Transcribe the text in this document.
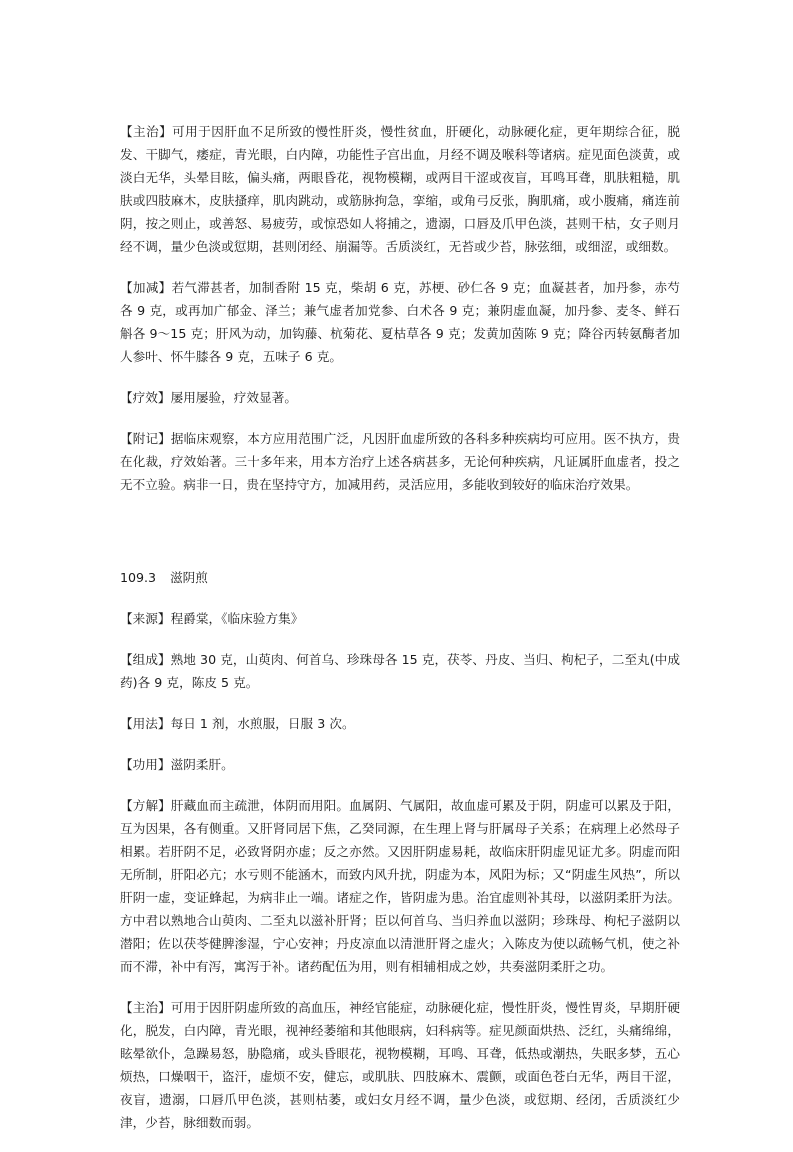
【主治】可用于因肝血不足所致的慢性肝炎，慢性贫血，肝硬化，动脉硬化症，更年期综合征，脱发、干脚气，痿症，青光眼，白内障，功能性子宫出血，月经不调及喉科等诸病。症见面色淡黄，或淡白无华，头晕目眩，偏头痛，两眼昏花，视物模糊，或两目干涩或夜盲，耳鸣耳聋，肌肤粗糙，肌肤或四肢麻木，皮肤搔痒，肌肉跳动，或筋脉拘急，挛缩，或角弓反张，胸肌痛，或小腹痛，痛连前阴，按之则止，或善怒、易疲劳，或惊恐如人将捕之，遗溺，口唇及爪甲色淡，甚则干枯，女子则月经不调，量少色淡或愆期，甚则闭经、崩漏等。舌质淡红，无苔或少苔，脉弦细，或细涩，或细数。

【加减】若气滞甚者，加制香附 15 克，柴胡 6 克，苏梗、砂仁各 9 克；血凝甚者，加丹参，赤芍各 9 克，或再加广郁金、泽兰；兼气虚者加党参、白术各 9 克；兼阴虚血凝，加丹参、麦冬、鲜石斛各 9～15 克；肝风为动，加钩藤、杭菊花、夏枯草各 9 克；发黄加茵陈 9 克；降谷丙转氨酶者加人参叶、怀牛膝各 9 克，五味子 6 克。

【疗效】屡用屡验，疗效显著。

【附记】据临床观察，本方应用范围广泛，凡因肝血虚所致的各科多种疾病均可应用。医不执方，贵在化裁，疗效始著。三十多年来，用本方治疗上述各病甚多，无论何种疾病，凡证属肝血虚者，投之无不立验。病非一日，贵在坚持守方，加减用药，灵活应用，多能收到较好的临床治疗效果。

109.3 滋阴煎

【来源】程爵棠，《临床验方集》

【组成】熟地 30 克，山萸肉、何首乌、珍珠母各 15 克，茯苓、丹皮、当归、枸杞子，二至丸(中成药)各 9 克，陈皮 5 克。

【用法】每日 1 剂，水煎服，日服 3 次。

【功用】滋阴柔肝。

【方解】肝藏血而主疏泄，体阴而用阳。血属阴、气属阳，故血虚可累及于阴，阴虚可以累及于阳，互为因果，各有侧重。又肝肾同居下焦，乙癸同源，在生理上肾与肝属母子关系；在病理上必然母子相累。若肝阴不足，必致肾阴亦虚；反之亦然。又因肝阴虚易耗，故临床肝阴虚见证尤多。阴虚而阳无所制，肝阳必亢；水亏则不能涵木，而致内风升扰，阴虚为本，风阳为标；又“阴虚生风热”，所以肝阴一虚，变证蜂起，为病非止一端。诸症之作，皆阴虚为患。治宜虚则补其母，以滋阴柔肝为法。方中君以熟地合山萸肉、二至丸以滋补肝肾；臣以何首乌、当归养血以滋阴；珍珠母、枸杞子滋阴以潜阳；佐以茯苓健脾渗湿，宁心安神；丹皮凉血以清泄肝肾之虚火；入陈皮为使以疏畅气机，使之补而不滞，补中有泻，寓泻于补。诸药配伍为用，则有相辅相成之妙，共奏滋阴柔肝之功。

【主治】可用于因肝阴虚所致的高血压，神经官能症，动脉硬化症，慢性肝炎，慢性胃炎，早期肝硬化，脱发，白内障，青光眼，视神经萎缩和其他眼病，妇科病等。症见颜面烘热、泛红，头痛绵绵，眩晕欲仆，急躁易怒，胁隐痛，或头昏眼花，视物模糊，耳鸣、耳聋，低热或潮热，失眠多梦，五心烦热，口燥咽干，盗汗，虚烦不安，健忘，或肌肤、四肢麻木、震颤，或面色苍白无华，两目干涩，夜盲，遗溺，口唇爪甲色淡，甚则枯萎，或妇女月经不调，量少色淡，或愆期、经闭，舌质淡红少津，少苔，脉细数而弱。
